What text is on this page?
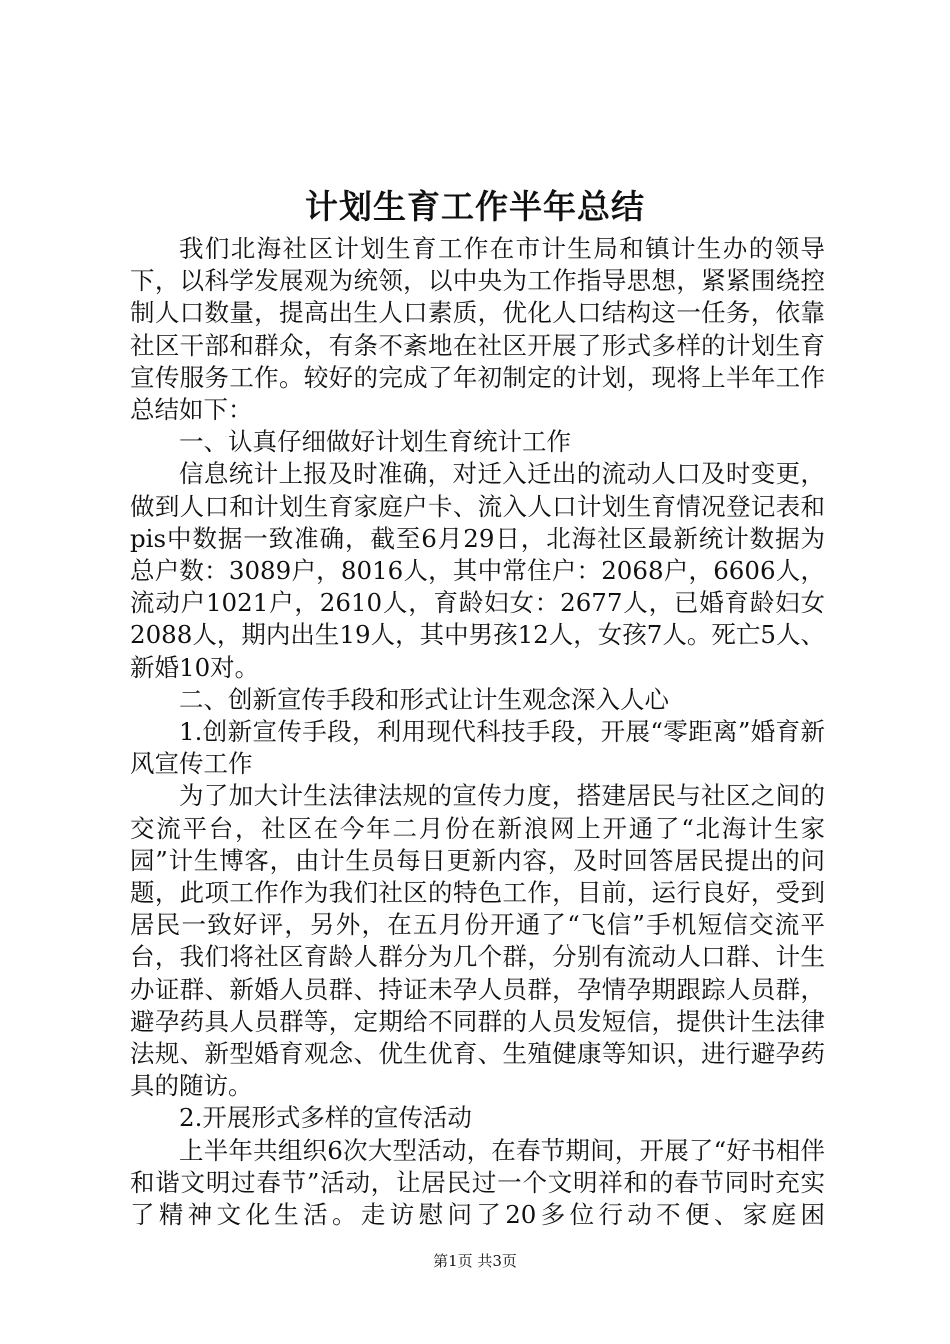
计划生育工作半年总结

我们北海社区计划生育工作在市计生局和镇计生办的领导下，以科学发展观为统领，以中央为工作指导思想，紧紧围绕控制人口数量，提高出生人口素质，优化人口结构这一任务，依靠社区干部和群众，有条不紊地在社区开展了形式多样的计划生育宣传服务工作。较好的完成了年初制定的计划，现将上半年工作总结如下：

一、认真仔细做好计划生育统计工作

信息统计上报及时准确，对迁入迁出的流动人口及时变更，做到人口和计划生育家庭户卡、流入人口计划生育情况登记表和pis中数据一致准确，截至6月29日，北海社区最新统计数据为总户数：3089户，8016人，其中常住户：2068户，6606人，流动户1021户，2610人，育龄妇女：2677人，已婚育龄妇女2088人，期内出生19人，其中男孩12人，女孩7人。死亡5人、新婚10对。

二、创新宣传手段和形式让计生观念深入人心

1.创新宣传手段，利用现代科技手段，开展“零距离”婚育新风宣传工作

为了加大计生法律法规的宣传力度，搭建居民与社区之间的交流平台，社区在今年二月份在新浪网上开通了“北海计生家园”计生博客，由计生员每日更新内容，及时回答居民提出的问题，此项工作作为我们社区的特色工作，目前，运行良好，受到居民一致好评，另外，在五月份开通了“飞信”手机短信交流平台，我们将社区育龄人群分为几个群，分别有流动人口群、计生办证群、新婚人员群、持证未孕人员群，孕情孕期跟踪人员群，避孕药具人员群等，定期给不同群的人员发短信，提供计生法律法规、新型婚育观念、优生优育、生殖健康等知识，进行避孕药具的随访。

2.开展形式多样的宣传活动

上半年共组织6次大型活动，在春节期间，开展了“好书相伴和谐文明过春节”活动，让居民过一个文明祥和的春节同时充实了精神文化生活。走访慰问了20多位行动不便、家庭困

第1页 共3页
